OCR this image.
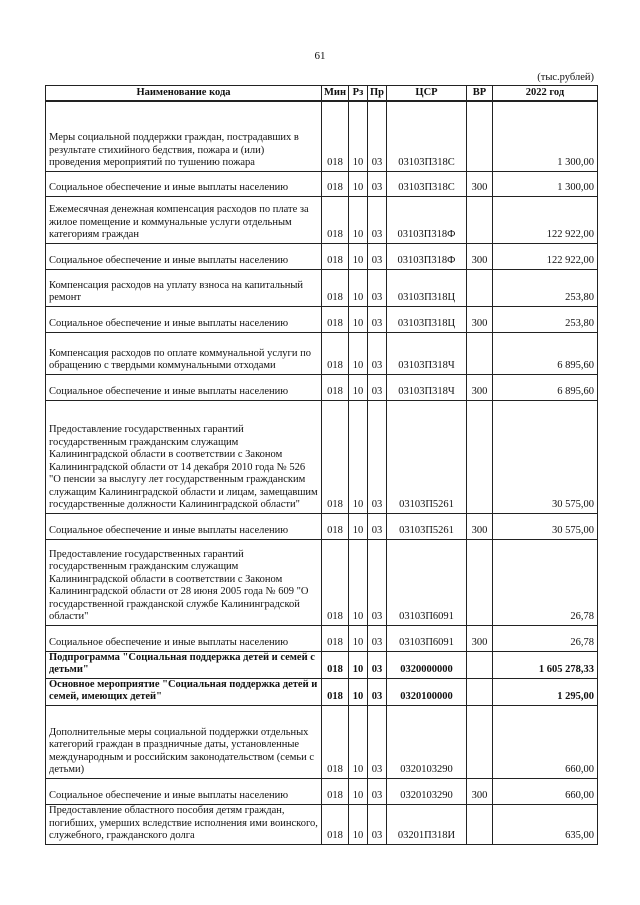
61
(тыс.рублей)
Наименование кода	Мин	Рз	Пр	ЦСР	ВР	2022 год
Меры социальной поддержки граждан, пострадавших в результате стихийного бедствия, пожара и (или) проведения мероприятий по тушению пожара	018	10	03	03103П318С		1 300,00
Социальное обеспечение и иные выплаты населению	018	10	03	03103П318С	300	1 300,00
Ежемесячная денежная компенсация расходов по плате за жилое помещение и коммунальные услуги отдельным категориям граждан	018	10	03	03103П318Ф		122 922,00
Социальное обеспечение и иные выплаты населению	018	10	03	03103П318Ф	300	122 922,00
Компенсация расходов на уплату взноса на капитальный ремонт	018	10	03	03103П318Ц		253,80
Социальное обеспечение и иные выплаты населению	018	10	03	03103П318Ц	300	253,80
Компенсация расходов по оплате коммунальной услуги по обращению с твердыми коммунальными отходами	018	10	03	03103П318Ч		6 895,60
Социальное обеспечение и иные выплаты населению	018	10	03	03103П318Ч	300	6 895,60
Предоставление государственных гарантий государственным гражданским служащим Калининградской области в соответствии с Законом Калининградской области от 14 декабря 2010 года № 526 "О пенсии за выслугу лет государственным гражданским служащим Калининградской области и лицам, замещавшим государственные должности Калининградской области"	018	10	03	03103П5261		30 575,00
Социальное обеспечение и иные выплаты населению	018	10	03	03103П5261	300	30 575,00
Предоставление государственных гарантий государственным гражданским служащим Калининградской области в соответствии с Законом Калининградской области от 28 июня 2005 года № 609 "О государственной гражданской службе Калининградской области"	018	10	03	03103П6091		26,78
Социальное обеспечение и иные выплаты населению	018	10	03	03103П6091	300	26,78
Подпрограмма "Социальная поддержка детей и семей с детьми"	018	10	03	0320000000		1 605 278,33
Основное мероприятие "Социальная поддержка детей и семей, имеющих детей"	018	10	03	0320100000		1 295,00
Дополнительные меры социальной поддержки отдельных категорий граждан в праздничные даты, установленные международным и российским законодательством (семьи с детьми)	018	10	03	0320103290		660,00
Социальное обеспечение и иные выплаты населению	018	10	03	0320103290	300	660,00
Предоставление областного пособия детям граждан, погибших, умерших вследствие исполнения ими воинского, служебного, гражданского долга	018	10	03	03201П318И		635,00
